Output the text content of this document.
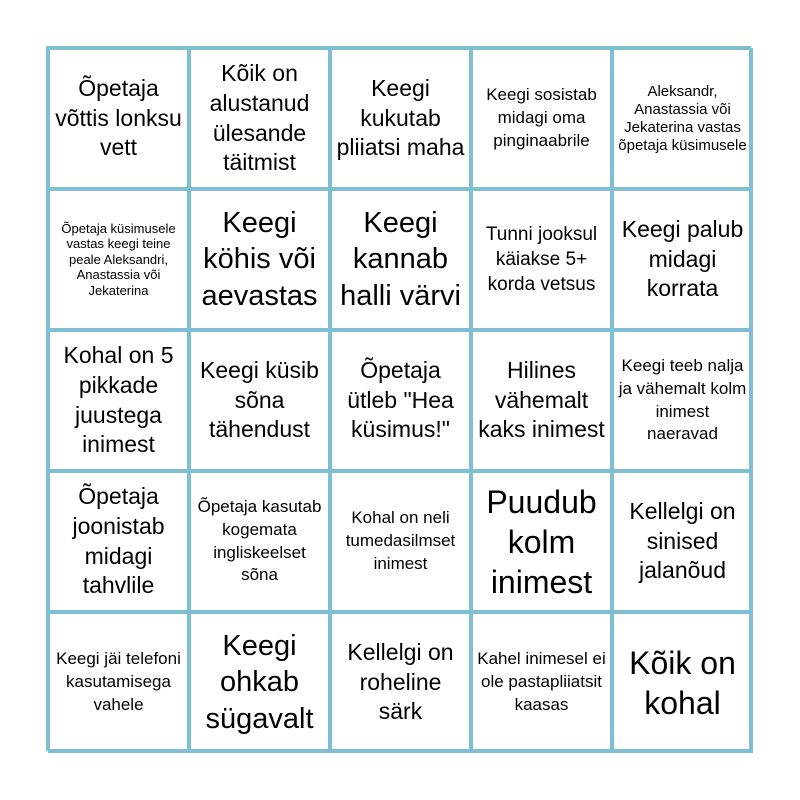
Õpetaja võttis lonksu vett
Kõik on alustanud ülesande täitmist
Keegi kukutab pliiatsi maha
Keegi sosistab midagi oma pinginaabrile
Aleksandr, Anastassia või Jekaterina vastas õpetaja küsimusele
Õpetaja küsimusele vastas keegi teine peale Aleksandri, Anastassia või Jekaterina
Keegi köhis või aevastas
Keegi kannab halli värvi
Tunni jooksul käiakse 5+ korda vetsus
Keegi palub midagi korrata
Kohal on 5 pikkade juustega inimest
Keegi küsib sõna tähendust
Õpetaja ütleb "Hea küsimus!"
Hilines vähemalt kaks inimest
Keegi teeb nalja ja vähemalt kolm inimest naeravad
Õpetaja joonistab midagi tahvlile
Õpetaja kasutab kogemata ingliskeelset sõna
Kohal on neli tumedasilmset inimest
Puudub kolm inimest
Kellelgi on sinised jalanõud
Keegi jäi telefoni kasutamisega vahele
Keegi ohkab sügavalt
Kellelgi on roheline särk
Kahel inimesel ei ole pastapliiatsit kaasas
Kõik on kohal
